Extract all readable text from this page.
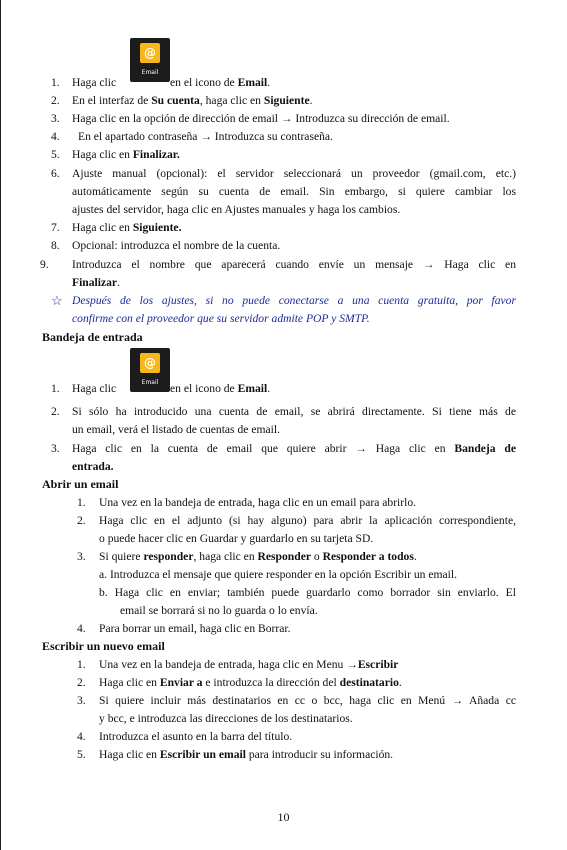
@
Email
1. Haga clic	en el icono de Email.
2. En el interfaz de Su cuenta, haga clic en Siguiente.
3. Haga clic en la opción de dirección de email → Introduzca su dirección de email.
4. En el apartado contraseña → Introduzca su contraseña.
5. Haga clic en Finalizar.
6. Ajuste manual (opcional): el servidor seleccionará un proveedor (gmail.com, etc.)
automáticamente según su cuenta de email. Sin embargo, si quiere cambiar los
ajustes del servidor, haga clic en Ajustes manuales y haga los cambios.
7. Haga clic en Siguiente.
8. Opcional: introduzca el nombre de la cuenta.
9. Introduzca el nombre que aparecerá cuando envíe un mensaje → Haga clic en
Finalizar.
☆ Después de los ajustes, si no puede conectarse a una cuenta gratuita, por favor
confirme con el proveedor que su servidor admite POP y SMTP.
Bandeja de entrada
@
Email
1. Haga clic	en el icono de Email.
2. Si sólo ha introducido una cuenta de email, se abrirá directamente. Si tiene más de
un email, verá el listado de cuentas de email.
3. Haga clic en la cuenta de email que quiere abrir → Haga clic en Bandeja de
entrada.
Abrir un email
1. Una vez en la bandeja de entrada, haga clic en un email para abrirlo.
2. Haga clic en el adjunto (si hay alguno) para abrir la aplicación correspondiente,
o puede hacer clic en Guardar y guardarlo en su tarjeta SD.
3. Si quiere responder, haga clic en Responder o Responder a todos.
a. Introduzca el mensaje que quiere responder en la opción Escribir un email.
b. Haga clic en enviar; también puede guardarlo como borrador sin enviarlo. El
email se borrará si no lo guarda o lo envía.
4. Para borrar un email, haga clic en Borrar.
Escribir un nuevo email
1. Una vez en la bandeja de entrada, haga clic en Menu →Escribir
2. Haga clic en Enviar a e introduzca la dirección del destinatario.
3. Si quiere incluir más destinatarios en cc o bcc, haga clic en Menú → Añada cc
y bcc, e introduzca las direcciones de los destinatarios.
4. Introduzca el asunto en la barra del título.
5. Haga clic en Escribir un email para introducir su información.
10
